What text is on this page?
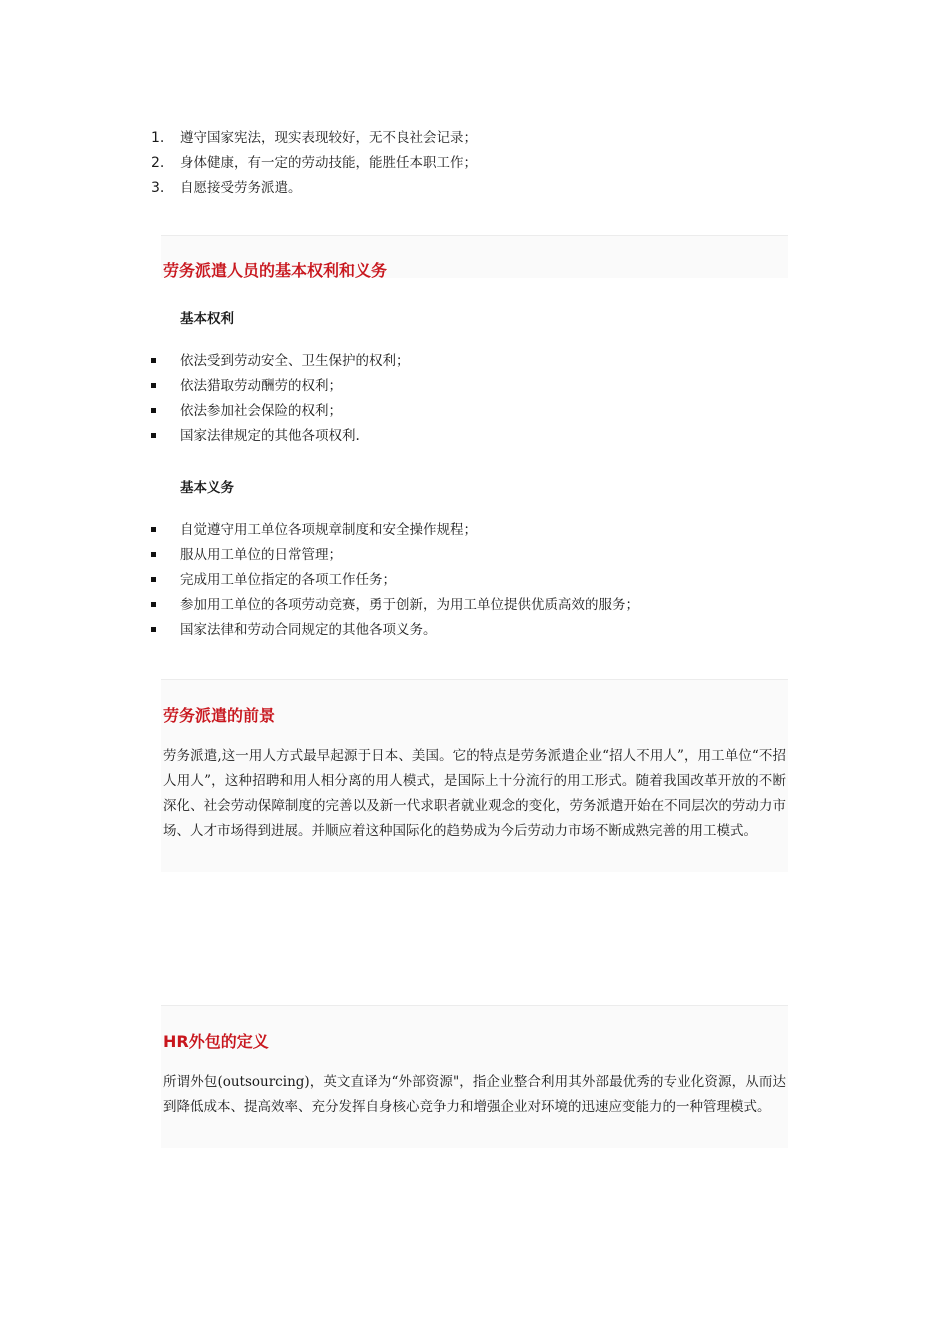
1. 遵守国家宪法，现实表现较好，无不良社会记录；
2. 身体健康，有一定的劳动技能，能胜任本职工作；
3. 自愿接受劳务派遣。
劳务派遣人员的基本权利和义务
基本权利
依法受到劳动安全、卫生保护的权利；
依法猎取劳动酬劳的权利；
依法参加社会保险的权利；
国家法律规定的其他各项权利.
基本义务
自觉遵守用工单位各项规章制度和安全操作规程；
服从用工单位的日常管理；
完成用工单位指定的各项工作任务；
参加用工单位的各项劳动竞赛，勇于创新，为用工单位提供优质高效的服务；
国家法律和劳动合同规定的其他各项义务。
劳务派遣的前景

劳务派遣,这一用人方式最早起源于日本、美国。它的特点是劳务派遣企业“招人不用人”，用工单位“不招人用人”，这种招聘和用人相分离的用人模式，是国际上十分流行的用工形式。随着我国改革开放的不断深化、社会劳动保障制度的完善以及新一代求职者就业观念的变化，劳务派遣开始在不同层次的劳动力市场、人才市场得到进展。并顺应着这种国际化的趋势成为今后劳动力市场不断成熟完善的用工模式。

HR外包的定义

所谓外包(outsourcing)，英文直译为“外部资源"，指企业整合利用其外部最优秀的专业化资源，从而达到降低成本、提高效率、充分发挥自身核心竞争力和增强企业对环境的迅速应变能力的一种管理模式。
